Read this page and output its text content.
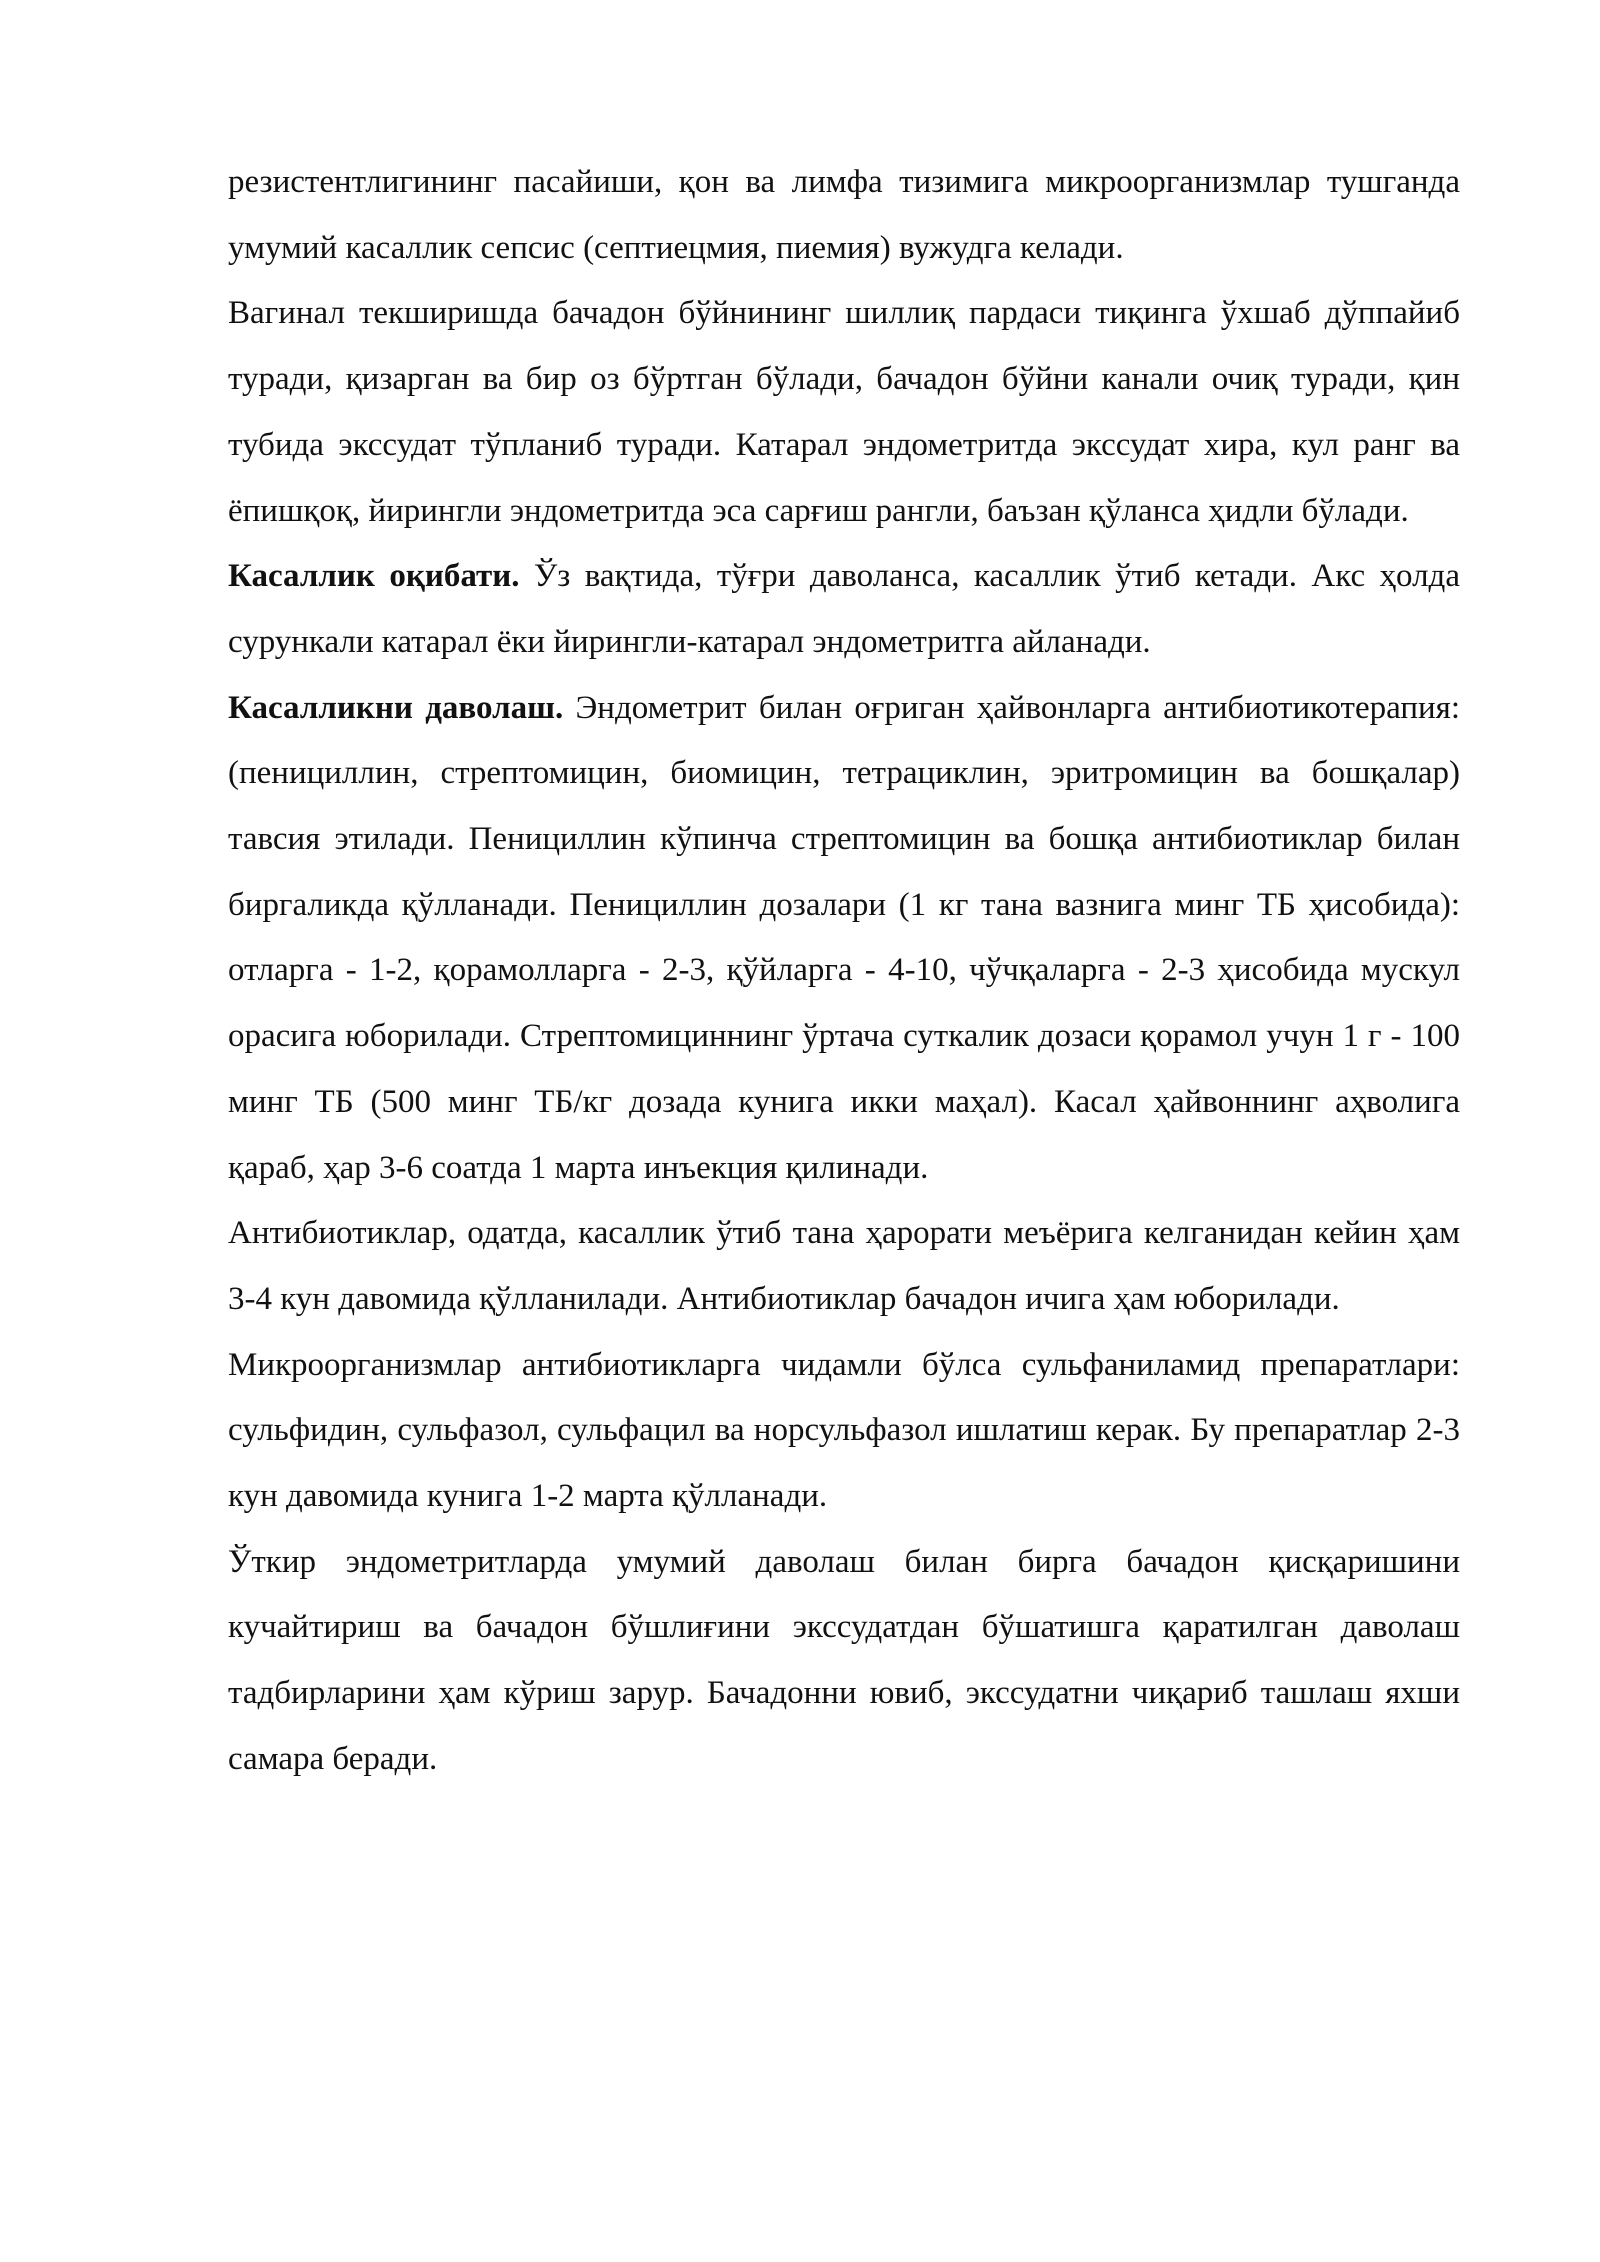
резистентлигининг пасайиши, қон ва лимфа тизимига микроорганизмлар тушганда умумий касаллик сепсис (септиецмия, пиемия) вужудга келади.

Вагинал текширишда бачадон бўйнининг шиллиқ пардаси тиқинга ўхшаб дўппайиб туради, қизарган ва бир оз бўртган бўлади, бачадон бўйни канали очиқ туради, қин тубида экссудат тўпланиб туради. Катарал эндометритда экссудат хира, кул ранг ва ёпишқоқ, йирингли эндометритда эса сарғиш рангли, баъзан қўланса ҳидли бўлади.

Касаллик оқибати. Ўз вақтида, тўғри даволанса, касаллик ўтиб кетади. Акс ҳолда сурункали катарал ёки йирингли-катарал эндометритга айланади.

Касалликни даволаш. Эндометрит билан оғриган ҳайвонларга антибиотикотерапия: (пенициллин, стрептомицин, биомицин, тетрациклин, эритромицин ва бошқалар) тавсия этилади. Пенициллин кўпинча стрептомицин ва бошқа антибиотиклар билан биргаликда қўлланади. Пенициллин дозалари (1 кг тана вазнига минг ТБ ҳисобида): отларга - 1-2, қорамолларга - 2-3, қўйларга - 4-10, чўчқаларга - 2-3 ҳисобида мускул орасига юборилади. Стрептомициннинг ўртача суткалик дозаси қорамол учун 1 г - 100 минг ТБ (500 минг ТБ/кг дозада кунига икки маҳал). Касал ҳайвоннинг аҳволига қараб, ҳар 3-6 соатда 1 марта инъекция қилинади.

Антибиотиклар, одатда, касаллик ўтиб тана ҳарорати меъёрига келганидан кейин ҳам 3-4 кун давомида қўлланилади. Антибиотиклар бачадон ичига ҳам юборилади.

Микроорганизмлар антибиотикларга чидамли бўлса сульфаниламид препаратлари: сульфидин, сульфазол, сульфацил ва норсульфазол ишлатиш керак. Бу препаратлар 2-3 кун давомида кунига 1-2 марта қўлланади.

Ўткир эндометритларда умумий даволаш билан бирга бачадон қисқаришини кучайтириш ва бачадон бўшлиғини экссудатдан бўшатишга қаратилган даволаш тадбирларини ҳам кўриш зарур. Бачадонни ювиб, экссудатни чиқариб ташлаш яхши самара беради.
